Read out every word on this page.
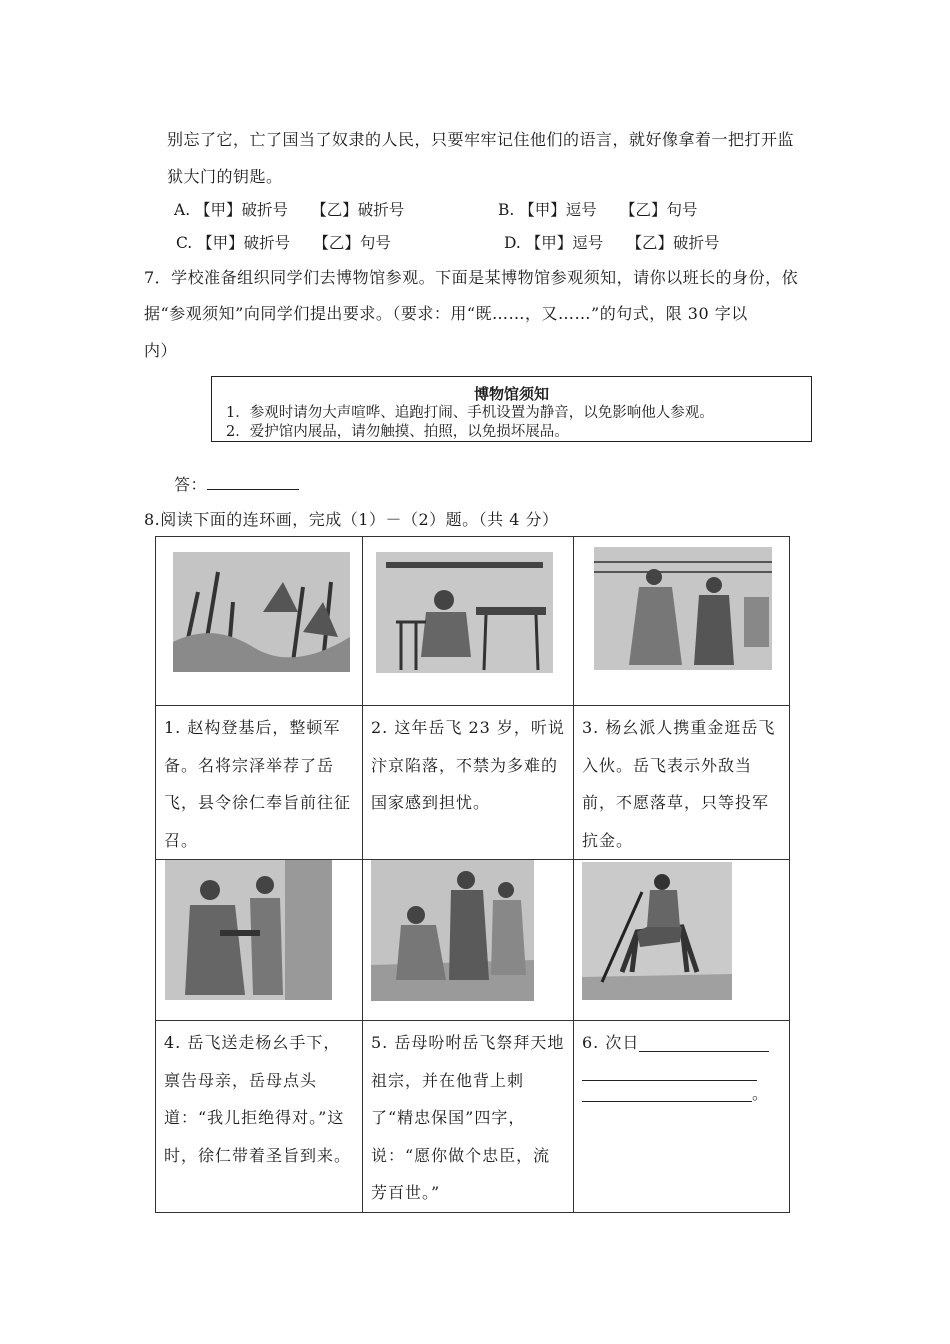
别忘了它，亡了国当了奴隶的人民，只要牢牢记住他们的语言，就好像拿着一把打开监
狱大门的钥匙。
A. 【甲】破折号　　【乙】破折号	B. 【甲】逗号　　【乙】句号
C. 【甲】破折号　　【乙】句号	D. 【甲】逗号　　【乙】破折号
7．学校准备组织同学们去博物馆参观。下面是某博物馆参观须知，请你以班长的身份，依
据“参观须知”向同学们提出要求。（要求：用“既……，又……”的句式，限 30 字以
内）
博物馆须知
1．参观时请勿大声喧哗、追跑打闹、手机设置为静音，以免影响他人参观。
2．爱护馆内展品，请勿触摸、拍照，以免损坏展品。
答：
8.阅读下面的连环画，完成（1）－（2）题。（共 4 分）

1. 赵构登基后，整顿军备。名将宗泽举荐了岳飞，县令徐仁奉旨前往征召。	2. 这年岳飞 23 岁，听说汴京陷落，不禁为多难的国家感到担忧。	3. 杨幺派人携重金逛岳飞入伙。岳飞表示外敌当前，不愿落草，只等投军抗金。

4. 岳飞送走杨幺手下，禀告母亲，岳母点头道：“我儿拒绝得对。”这时，徐仁带着圣旨到来。	5. 岳母吩咐岳飞祭拜天地祖宗，并在他背上刺了“精忠保国”四字，说：“愿你做个忠臣，流芳百世。”	6. 次日
。
